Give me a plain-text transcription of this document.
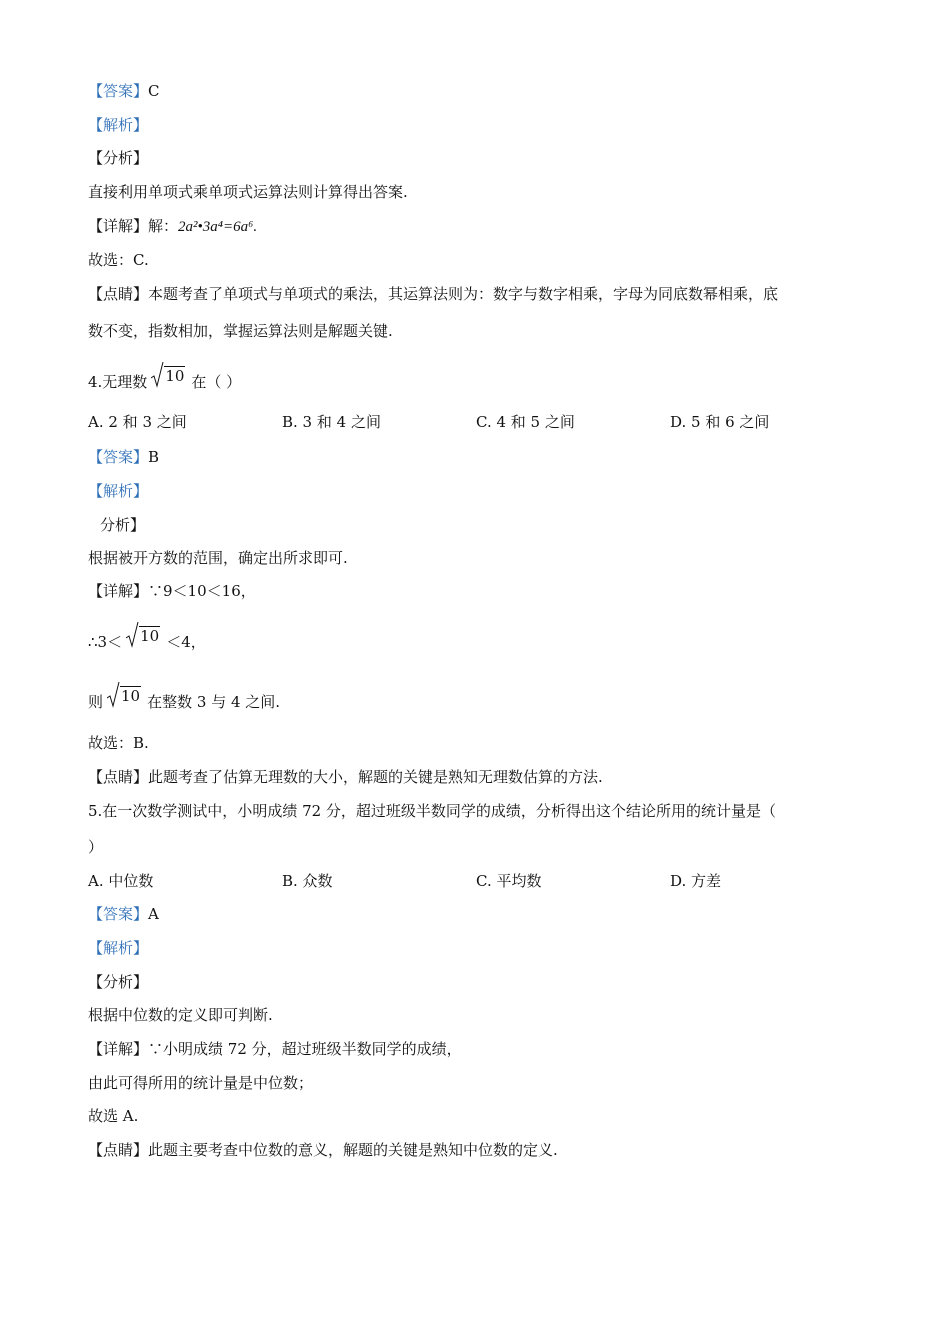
【答案】C
【解析】
【分析】
直接利用单项式乘单项式运算法则计算得出答案.
【详解】解：2a²•3a⁴=6a⁶.
故选：C.
【点睛】本题考查了单项式与单项式的乘法，其运算法则为：数字与数字相乘，字母为同底数幂相乘，底
数不变，指数相加，掌握运算法则是解题关键.
4.无理数 10 在（ ）
A. 2 和 3 之间	B. 3 和 4 之间	C. 4 和 5 之间	D. 5 和 6 之间
【答案】B
【解析】
分析】
根据被开方数的范围，确定出所求即可.
【详解】∵9＜10＜16，
∴3＜ 10 ＜4，
则 10 在整数 3 与 4 之间.
故选：B.
【点睛】此题考查了估算无理数的大小，解题的关键是熟知无理数估算的方法.
5.在一次数学测试中，小明成绩 72 分，超过班级半数同学的成绩，分析得出这个结论所用的统计量是（
）
A. 中位数	B. 众数	C. 平均数	D. 方差
【答案】A
【解析】
【分析】
根据中位数的定义即可判断.
【详解】∵小明成绩 72 分，超过班级半数同学的成绩，
由此可得所用的统计量是中位数；
故选 A.
【点睛】此题主要考查中位数的意义，解题的关键是熟知中位数的定义.
